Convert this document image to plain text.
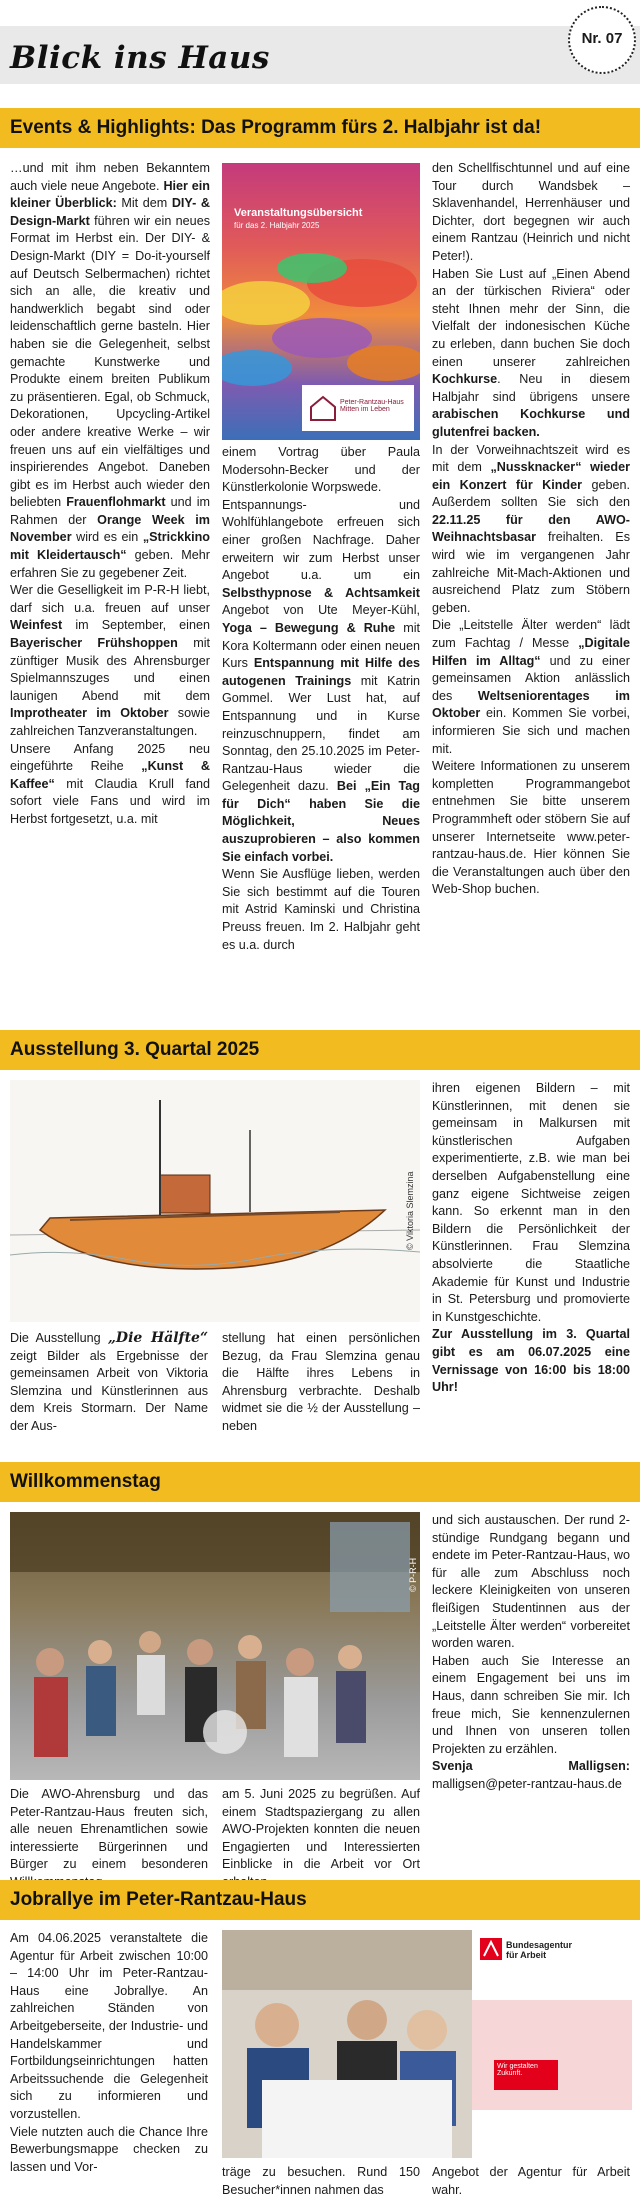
Blick ins Haus
Nr. 07
Events & Highlights: Das Programm fürs 2. Halbjahr ist da!

…und mit ihm neben Bekanntem auch viele neue Angebote. Hier ein kleiner Überblick: Mit dem DIY- & Design-Markt führen wir ein neues Format im Herbst ein. Der DIY- & Design-Markt (DIY = Do-it-yourself auf Deutsch Selbermachen) richtet sich an alle, die kreativ und handwerklich begabt sind oder leidenschaftlich gerne basteln. Hier haben sie die Gelegenheit, selbst gemachte Kunstwerke und Produkte einem breiten Publikum zu präsentieren. Egal, ob Schmuck, Dekorationen, Upcycling-Artikel oder andere kreative Werke – wir freuen uns auf ein vielfältiges und inspirierendes Angebot. Daneben gibt es im Herbst auch wieder den beliebten Frauenflohmarkt und im Rahmen der Orange Week im November wird es ein „Strickkino mit Kleidertausch“ geben. Mehr erfahren Sie zu gegebener Zeit.

Wer die Geselligkeit im P-R-H liebt, darf sich u.a. freuen auf unser Weinfest im September, einen Bayerischer Frühshoppen mit zünftiger Musik des Ahrensburger Spielmannszuges und einen launigen Abend mit dem Improtheater im Oktober sowie zahlreichen Tanzveranstaltungen.

Unsere Anfang 2025 neu eingeführte Reihe „Kunst & Kaffee“ mit Claudia Krull fand sofort viele Fans und wird im Herbst fortgesetzt, u.a. mit

Veranstaltungsübersicht
für das 2. Halbjahr 2025
Peter-Rantzau-Haus Mitten im Leben

einem Vortrag über Paula Modersohn-Becker und der Künstlerkolonie Worpswede.

Entspannungs- und Wohlfühlangebote erfreuen sich einer großen Nachfrage. Daher erweitern wir zum Herbst unser Angebot u.a. um ein Selbsthypnose & Achtsamkeit Angebot von Ute Meyer-Kühl, Yoga – Bewegung & Ruhe mit Kora Koltermann oder einen neuen Kurs Entspannung mit Hilfe des autogenen Trainings mit Katrin Gommel. Wer Lust hat, auf Entspannung und in Kurse reinzuschnuppern, findet am Sonntag, den 25.10.2025 im Peter-Rantzau-Haus wieder die Gelegenheit dazu. Bei „Ein Tag für Dich“ haben Sie die Möglichkeit, Neues auszuprobieren – also kommen Sie einfach vorbei.

Wenn Sie Ausflüge lieben, werden Sie sich bestimmt auf die Touren mit Astrid Kaminski und Christina Preuss freuen. Im 2. Halbjahr geht es u.a. durch

den Schellfischtunnel und auf eine Tour durch Wandsbek – Sklavenhandel, Herrenhäuser und Dichter, dort begegnen wir auch einem Rantzau (Heinrich und nicht Peter!).

Haben Sie Lust auf „Einen Abend an der türkischen Riviera“ oder steht Ihnen mehr der Sinn, die Vielfalt der indonesischen Küche zu erleben, dann buchen Sie doch einen unserer zahlreichen Kochkurse. Neu in diesem Halbjahr sind übrigens unsere arabischen Kochkurse und glutenfrei backen.

In der Vorweihnachtszeit wird es mit dem „Nussknacker“ wieder ein Konzert für Kinder geben. Außerdem sollten Sie sich den 22.11.25 für den AWO-Weihnachtsbasar freihalten. Es wird wie im vergangenen Jahr zahlreiche Mit-Mach-Aktionen und ausreichend Platz zum Stöbern geben.

Die „Leitstelle Älter werden“ lädt zum Fachtag / Messe „Digitale Hilfen im Alltag“ und zu einer gemeinsamen Aktion anlässlich des Weltseniorentages im Oktober ein. Kommen Sie vorbei, informieren Sie sich und machen mit.

Weitere Informationen zu unserem kompletten Programmangebot entnehmen Sie bitte unserem Programmheft oder stöbern Sie auf unserer Internetseite www.peter-rantzau-haus.de. Hier können Sie die Veranstaltungen auch über den Web-Shop buchen.

Ausstellung 3. Quartal 2025
© Viktoria Slemzina

Die Ausstellung „Die Hälfte“ zeigt Bilder als Ergebnisse der gemeinsamen Arbeit von Viktoria Slemzina und Künstlerinnen aus dem Kreis Stormarn. Der Name der Aus-

stellung hat einen persönlichen Bezug, da Frau Slemzina genau die Hälfte ihres Lebens in Ahrensburg verbrachte. Deshalb widmet sie die ½ der Ausstellung – neben

ihren eigenen Bildern – mit Künstlerinnen, mit denen sie gemeinsam in Malkursen mit künstlerischen Aufgaben experimentierte, z.B. wie man bei derselben Aufgabenstellung eine ganz eigene Sichtweise zeigen kann. So erkennt man in den Bildern die Persönlichkeit der Künstlerinnen. Frau Slemzina absolvierte die Staatliche Akademie für Kunst und Industrie in St. Petersburg und promovierte in Kunstgeschichte.

Zur Ausstellung im 3. Quartal gibt es am 06.07.2025 eine Vernissage von 16:00 bis 18:00 Uhr!

Willkommenstag
© P-R-H

Die AWO-Ahrensburg und das Peter-Rantzau-Haus freuten sich, alle neuen Ehrenamtlichen sowie interessierte Bürgerinnen und Bürger zu einem besonderen

am 5. Juni 2025 zu begrüßen. Auf einem Stadtspaziergang zu allen AWO-Projekten konnten die neuen Engagierten und Interessierten Einblicke in die Arbeit vor Ort

und sich austauschen. Der rund 2-stündige Rundgang begann und endete im Peter-Rantzau-Haus, wo für alle zum Abschluss noch leckere Kleinigkeiten von unseren fleißigen Studentinnen aus der „Leitstelle Älter werden“ vorbereitet worden waren.

Haben auch Sie Interesse an einem Engagement bei uns im Haus, dann schreiben Sie mir. Ich freue mich, Sie kennenzulernen und Ihnen von unseren tollen Projekten zu erzählen.

Svenja Malligsen: malligsen@peter-rantzau-haus.de

Jobrallye im Peter-Rantzau-Haus

Am 04.06.2025 veranstaltete die Agentur für Arbeit zwischen 10:00 – 14:00 Uhr im Peter-Rantzau-Haus eine Jobrallye. An zahlreichen Ständen von Arbeitgeberseite, der Industrie- und Handelskammer und Fortbildungseinrichtungen hatten Arbeitssuchende die Gelegenheit sich zu informieren und vorzustellen.

Viele nutzten auch die Chance Ihre Bewerbungsmappe checken zu lassen und Vor-

Bundesagentur für Arbeit
Wir gestalten Zukunft.
© P-R-H

träge zu besuchen. Rund 150 Besucher*innen nahmen das

Angebot der Agentur für Arbeit wahr.
